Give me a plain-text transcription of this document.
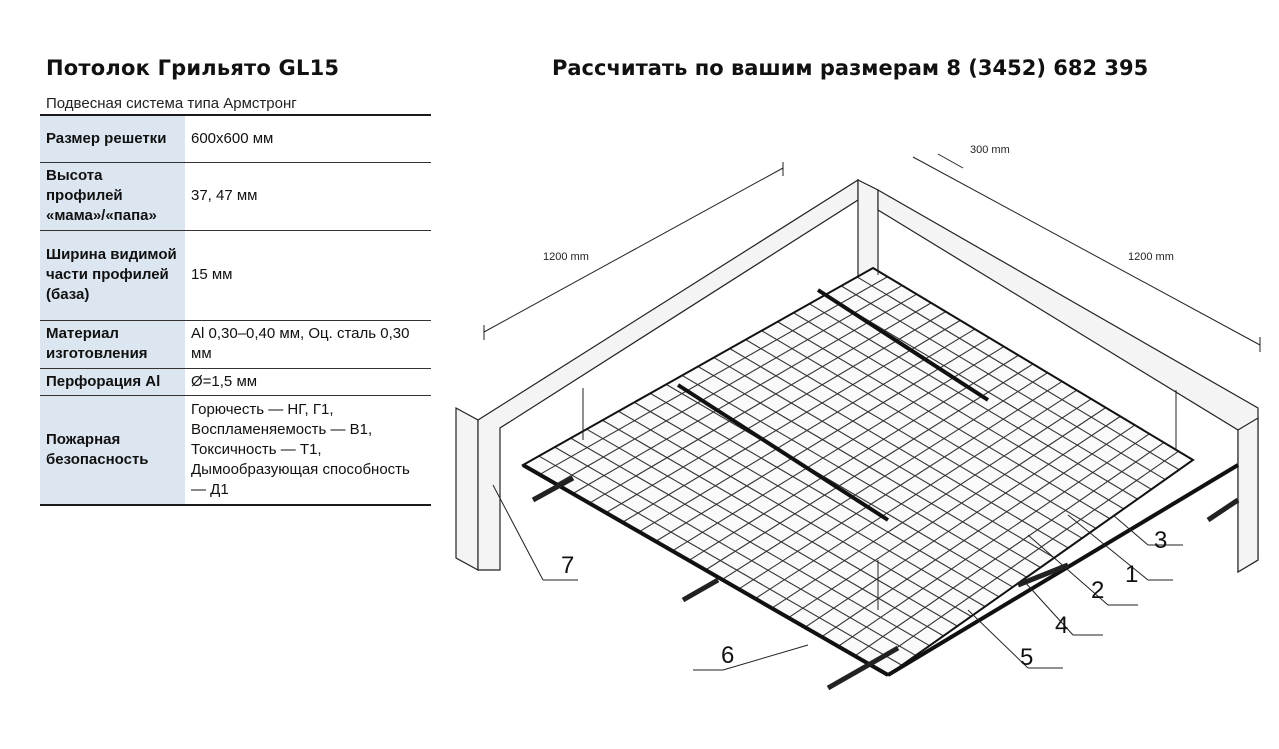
Потолок Грильято GL15	Рассчитать по вашим размерам 8 (3452) 682 395
Подвесная система типа Армстронг
Размер решетки	600х600 мм
Высота профилей «мама»/«папа»	37, 47 мм
Ширина видимой части профилей (база)	15 мм
Материал изготовления	Al 0,30–0,40 мм, Оц. сталь 0,30 мм
Перфорация Al	Ø=1,5 мм
Пожарная безопасность	Горючесть — НГ, Г1, Воспламеняемость — В1, Токсичность — Т1, Дымообразующая способность — Д1
1200 mm	1200 mm
300 mm
1
2
3
4
5
6
7
